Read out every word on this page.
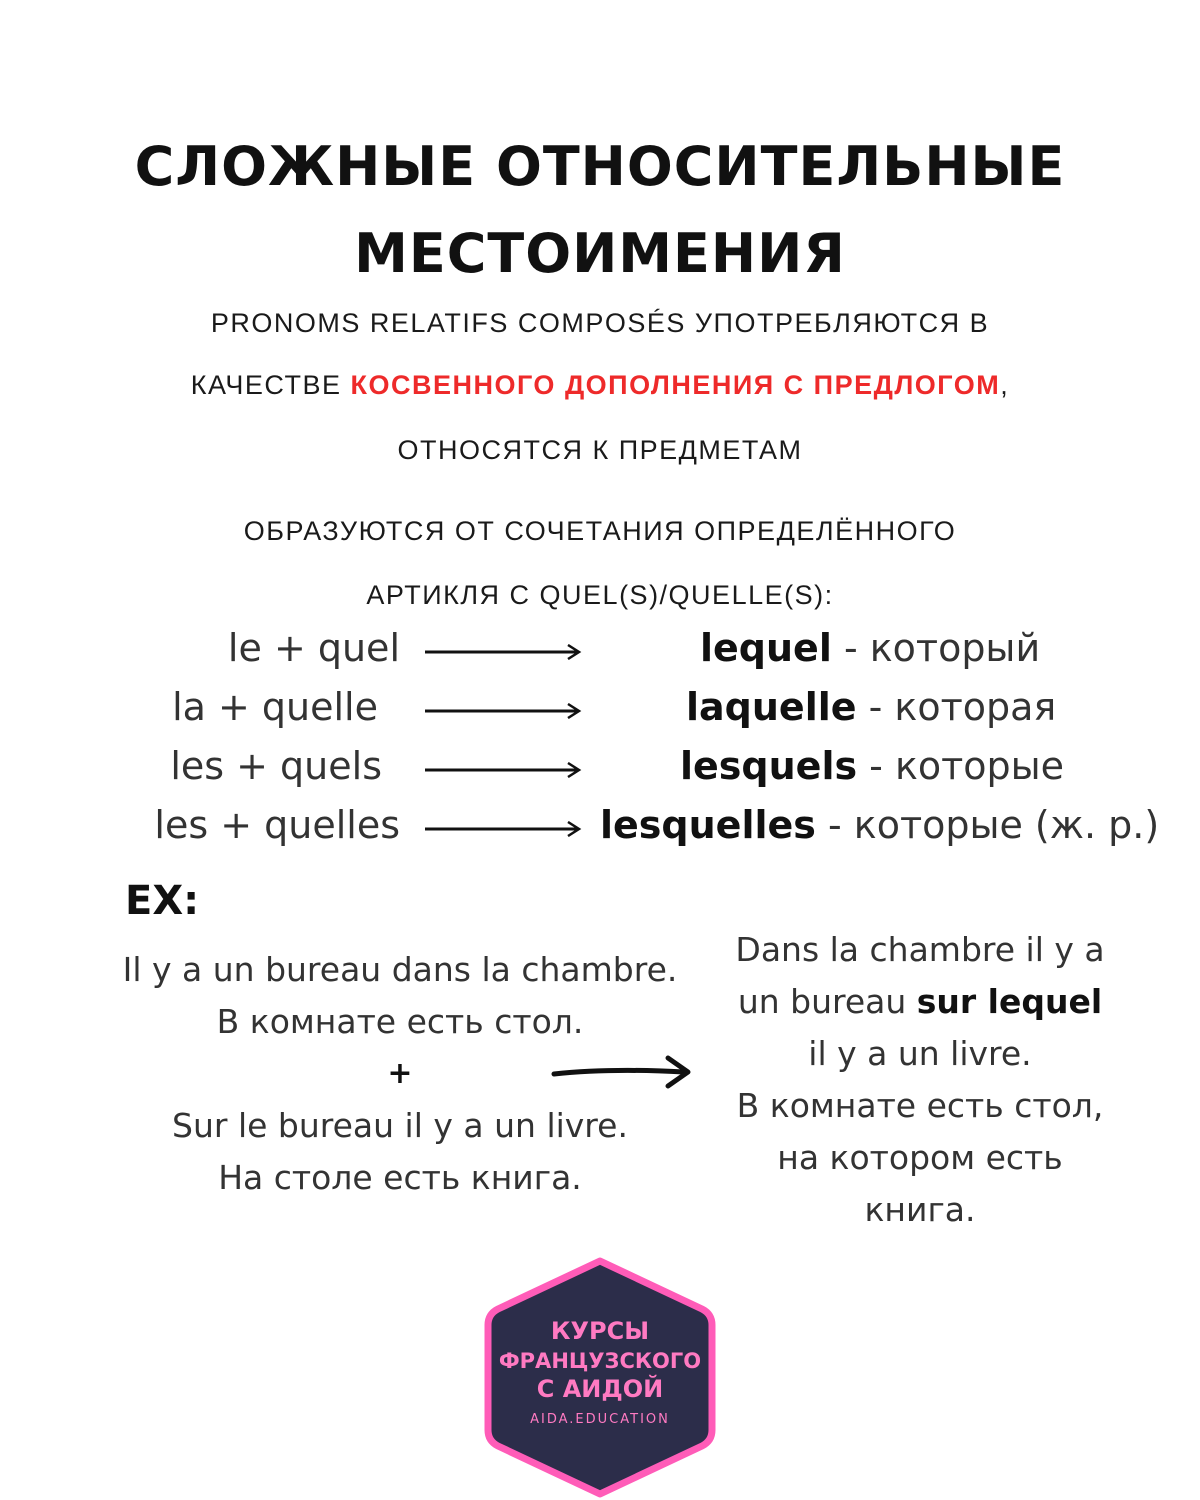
СЛОЖНЫЕ ОТНОСИТЕЛЬНЫЕ
МЕСТОИМЕНИЯ
PRONOMS RELATIFS COMPOSÉS УПОТРЕБЛЯЮТСЯ В
КАЧЕСТВЕ КОСВЕННОГО ДОПОЛНЕНИЯ С ПРЕДЛОГОМ,
ОТНОСЯТСЯ К ПРЕДМЕТАМ
ОБРАЗУЮТСЯ ОТ СОЧЕТАНИЯ ОПРЕДЕЛЁННОГО
АРТИКЛЯ С QUEL(S)/QUELLE(S):
le + quel	lequel - который
la + quelle	laquelle - которая
les + quels	lesquels - которые
les + quelles	lesquelles - которые (ж. р.)
EX:
Il y a un bureau dans la chambre.
В комнате есть стол.
+
Sur le bureau il y a un livre.
На столе есть книга.
Dans la chambre il y a
un bureau sur lequel
il y a un livre.
В комнате есть стол,
на котором есть
книга.
КУРСЫ
ФРАНЦУЗСКОГО
С АИДОЙ
AIDA.EDUCATION
